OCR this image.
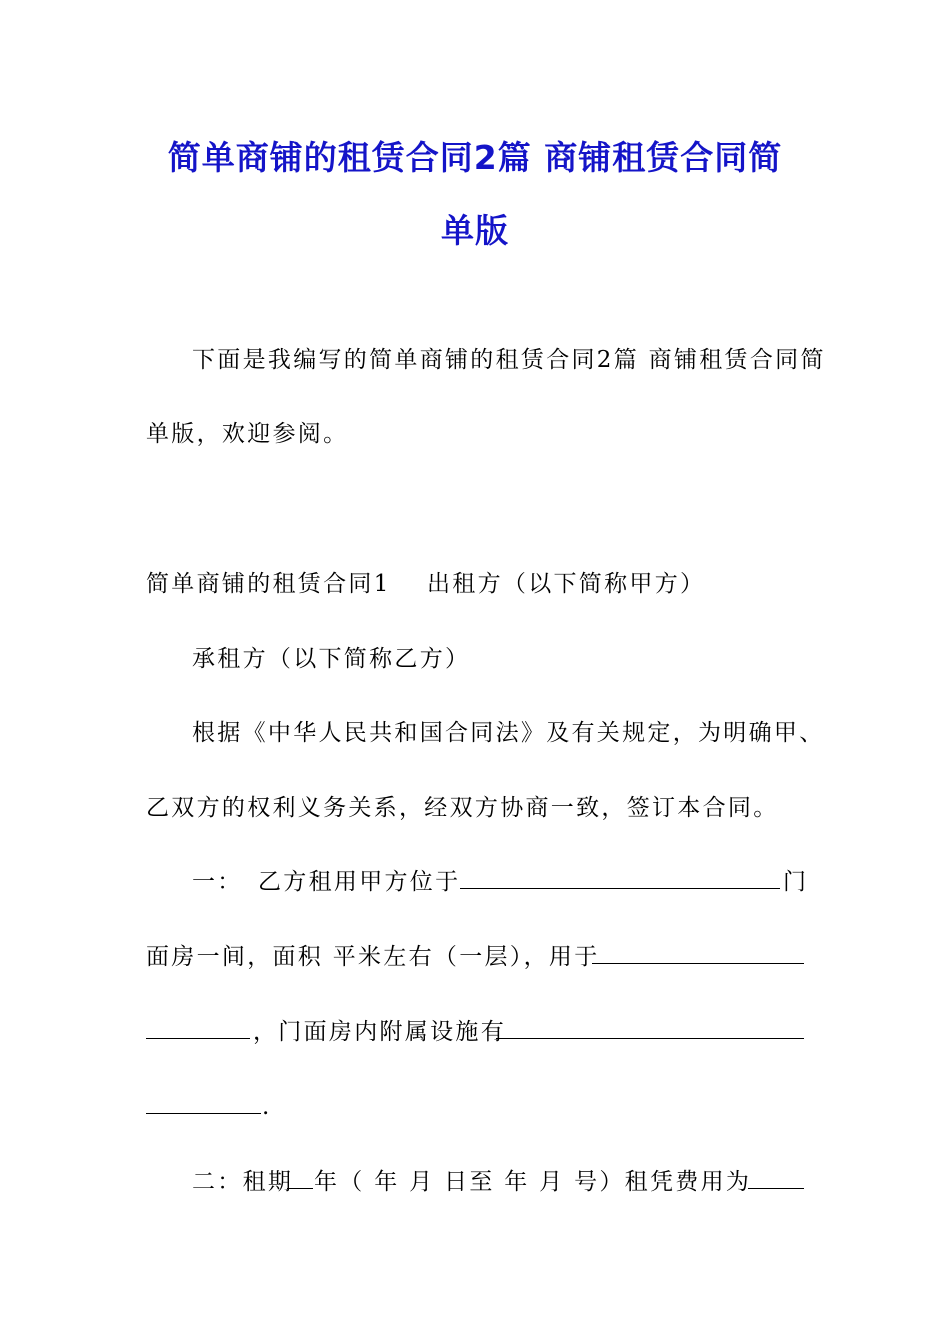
简单商铺的租赁合同2篇 商铺租赁合同简
单版
下面是我编写的简单商铺的租赁合同2篇 商铺租赁合同简
单版，欢迎参阅。
简单商铺的租赁合同1 出租方（以下简称甲方）
承租方（以下简称乙方）
根据《中华人民共和国合同法》及有关规定，为明确甲、
乙双方的权利义务关系，经双方协商一致，签订本合同。
一： 乙方租用甲方位于	门
面房一间，面积 平米左右（一层），用于
，门面房内附属设施有
.
二：租期 年（ 年 月 日至 年 月 号）租凭费用为
